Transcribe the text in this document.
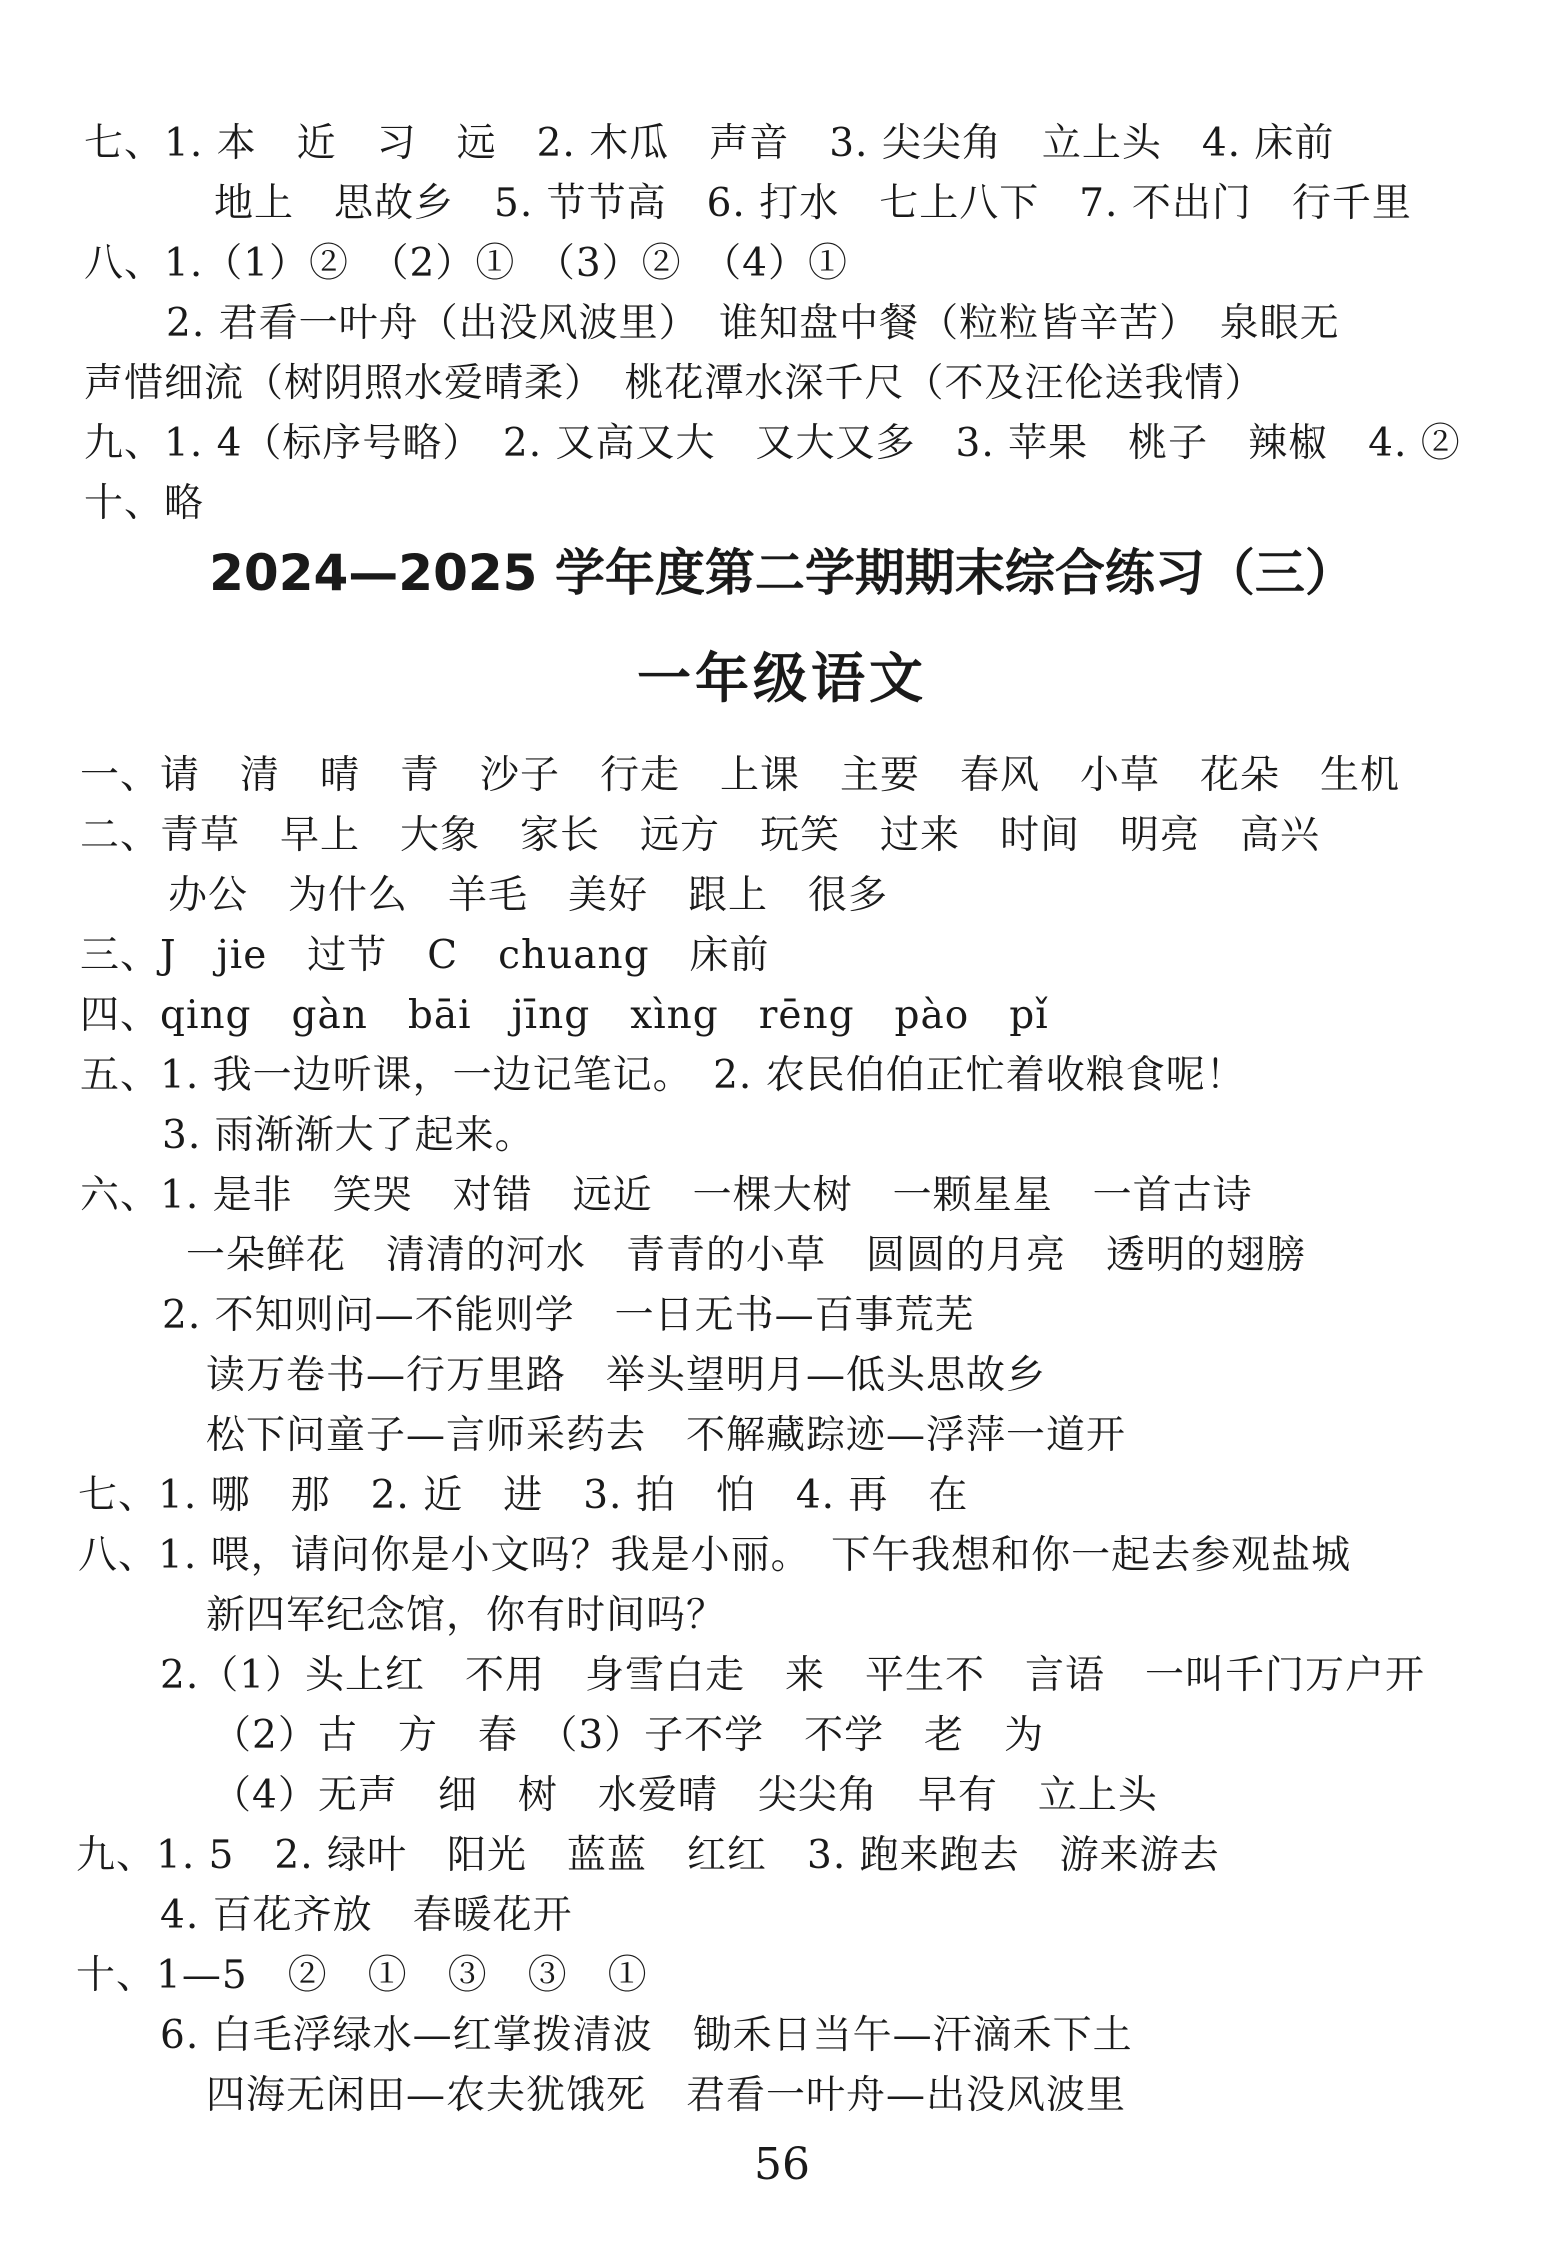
七、1. 本　近　习　远　2. 木瓜　声音　3. 尖尖角　立上头　4. 床前
地上　思故乡　5. 节节高　6. 打水　七上八下　7. 不出门　行千里
八、1.（1）②　（2）①　（3）②　（4）①
2. 君看一叶舟（出没风波里）　谁知盘中餐（粒粒皆辛苦）　泉眼无
声惜细流（树阴照水爱晴柔）　桃花潭水深千尺（不及汪伦送我情）
九、1. 4（标序号略）　2. 又高又大　又大又多　3. 苹果　桃子　辣椒　4. ②
十、略
2024—2025 学年度第二学期期末综合练习（三）
一年级语文
一、请　清　晴　青　沙子　行走　上课　主要　春风　小草　花朵　生机
二、青草　早上　大象　家长　远方　玩笑　过来　时间　明亮　高兴
办公　为什么　羊毛　美好　跟上　很多
三、J　jie　过节　C　chuang　床前
四、qing　gàn　bāi　jīng　xìng　rēng　pào　pǐ
五、1. 我一边听课，一边记笔记。　2. 农民伯伯正忙着收粮食呢！
3. 雨渐渐大了起来。
六、1. 是非　笑哭　对错　远近　一棵大树　一颗星星　一首古诗
一朵鲜花　清清的河水　青青的小草　圆圆的月亮　透明的翅膀
2. 不知则问—不能则学　一日无书—百事荒芜
读万卷书—行万里路　举头望明月—低头思故乡
松下问童子—言师采药去　不解藏踪迹—浮萍一道开
七、1. 哪　那　2. 近　进　3. 拍　怕　4. 再　在
八、1. 喂，请问你是小文吗？我是小丽。　下午我想和你一起去参观盐城
新四军纪念馆，你有时间吗？
2.（1）头上红　不用　身雪白走　来　平生不　言语　一叫千门万户开
（2）古　方　春　（3）子不学　不学　老　为
（4）无声　细　树　水爱晴　尖尖角　早有　立上头
九、1. 5　2. 绿叶　阳光　蓝蓝　红红　3. 跑来跑去　游来游去
4. 百花齐放　春暖花开
十、1—5　②　①　③　③　①
6. 白毛浮绿水—红掌拨清波　锄禾日当午—汗滴禾下土
四海无闲田—农夫犹饿死　君看一叶舟—出没风波里
56
